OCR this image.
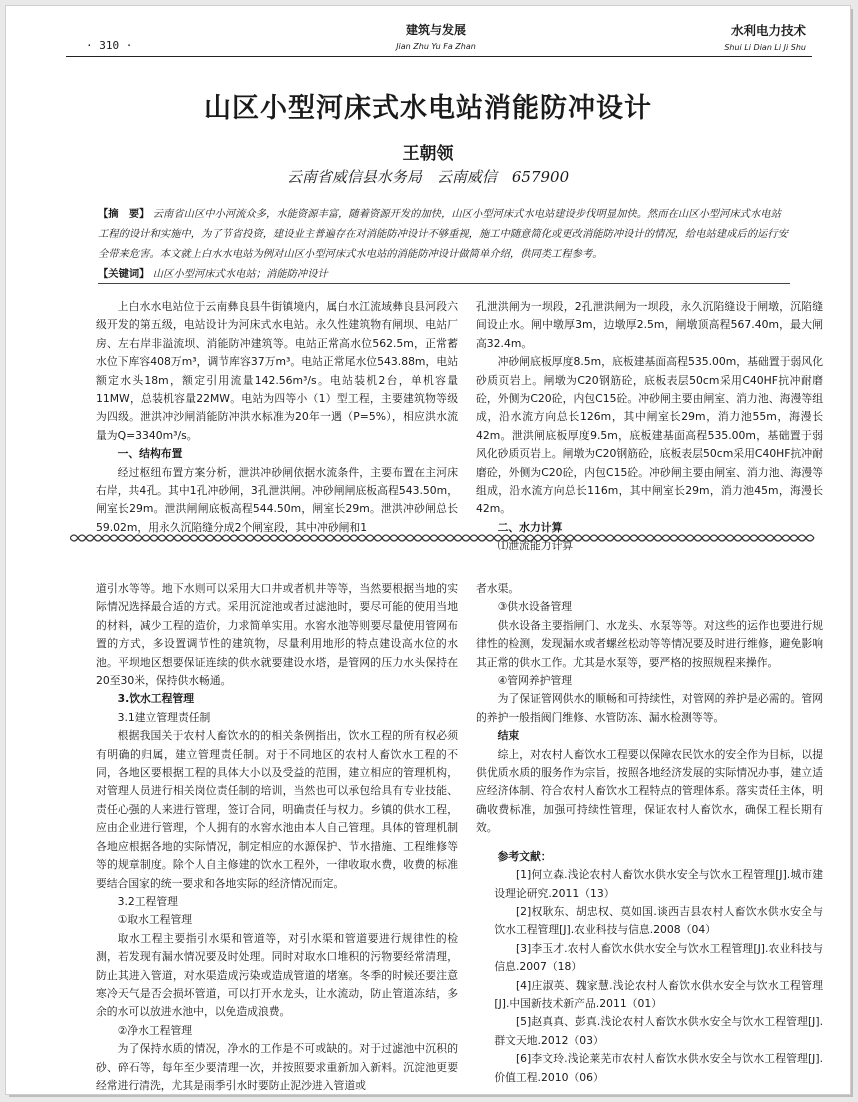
· 310 ·
建筑与发展
Jian Zhu Yu Fa Zhan
水利电力技术
Shui Li Dian Li Ji Shu
山区小型河床式水电站消能防冲设计
王朝领
云南省威信县水务局　云南威信　657900
【摘　要】 云南省山区中小河流众多，水能资源丰富，随着资源开发的加快，山区小型河床式水电站建设步伐明显加快。然而在山区小型河床式水电站工程的设计和实施中，为了节省投资，建设业主普遍存在对消能防冲设计不够重视，施工中随意简化或更改消能防冲设计的情况，给电站建成后的运行安全带来危害。本文就上白水水电站为例对山区小型河床式水电站的消能防冲设计做简单介绍，供同类工程参考。
【关键词】 山区小型河床式水电站；消能防冲设计

上白水水电站位于云南彝良县牛街镇境内，属白水江流域彝良县河段六级开发的第五级，电站设计为河床式水电站。永久性建筑物有闸坝、电站厂房、左右岸非溢流坝、消能防冲建筑等。电站正常高水位562.5m，正常蓄水位下库容408万m³，调节库容37万m³。电站正常尾水位543.88m，电站额定水头18m，额定引用流量142.56m³/s。电站装机2台，单机容量11MW，总装机容量22MW。电站为四等小（1）型工程，主要建筑物等级为四级。泄洪冲沙闸消能防冲洪水标准为20年一遇（P=5%），相应洪水流量为Q=3340m³/s。

一、结构布置

经过枢纽布置方案分析，泄洪冲砂闸依据水流条件，主要布置在主河床右岸，共4孔。其中1孔冲砂闸，3孔泄洪闸。冲砂闸闸底板高程543.50m，闸室长29m。泄洪闸闸底板高程544.50m，闸室长29m。泄洪冲砂闸总长59.02m，用永久沉陷缝分成2个闸室段，其中冲砂闸和1

孔泄洪闸为一坝段，2孔泄洪闸为一坝段，永久沉陷缝设于闸墩，沉陷缝间设止水。闸中墩厚3m，边墩厚2.5m，闸墩顶高程567.40m，最大闸高32.4m。

冲砂闸底板厚度8.5m，底板建基面高程535.00m，基础置于弱风化砂质页岩上。闸墩为C20钢筋砼，底板表层50cm采用C40HF抗冲耐磨砼，外侧为C20砼，内包C15砼。冲砂闸主要由闸室、消力池、海漫等组成，沿水流方向总长126m，其中闸室长29m，消力池55m，海漫长42m。泄洪闸底板厚度9.5m，底板建基面高程535.00m，基础置于弱风化砂质页岩上。闸墩为C20钢筋砼，底板表层50cm采用C40HF抗冲耐磨砼，外侧为C20砼，内包C15砼。冲砂闸主要由闸室、消力池、海漫等组成，沿水流方向总长116m，其中闸室长29m，消力池45m，海漫长42m。

二、水力计算

⑴泄流能力计算

道引水等等。地下水则可以采用大口井或者机井等等，当然要根据当地的实际情况选择最合适的方式。采用沉淀池或者过滤池时，要尽可能的使用当地的材料，减少工程的造价，力求简单实用。水窖水池等则要尽量使用管网布置的方式，多设置调节性的建筑物，尽量利用地形的特点建设高水位的水池。平坝地区想要保证连续的供水就要建设水塔，是管网的压力水头保持在20至30米，保持供水畅通。

3.饮水工程管理

3.1建立管理责任制

根据我国关于农村人畜饮水的的相关条例指出，饮水工程的所有权必须有明确的归属，建立管理责任制。对于不同地区的农村人畜饮水工程的不同，各地区要根据工程的具体大小以及受益的范围，建立相应的管理机构，对管理人员进行相关岗位责任制的培训，当然也可以承包给具有专业技能、责任心强的人来进行管理，签订合同，明确责任与权力。乡镇的供水工程，应由企业进行管理，个人拥有的水窖水池由本人自己管理。具体的管理机制各地应根据各地的实际情况，制定相应的水源保护、节水措施、工程维修等等的规章制度。除个人自主修建的饮水工程外，一律收取水费，收费的标准要结合国家的统一要求和各地实际的经济情况而定。

3.2工程管理

①取水工程管理

取水工程主要指引水渠和管道等，对引水渠和管道要进行规律性的检测，若发现有漏水情况要及时处理。同时对取水口堆积的污物要经常清理，防止其进入管道，对水渠造成污染或造成管道的堵塞。冬季的时候还要注意寒冷天气是否会损坏管道，可以打开水龙头，让水流动，防止管道冻结，多余的水可以放进水池中，以免造成浪费。

②净水工程管理

为了保持水质的情况，净水的工作是不可或缺的。对于过滤池中沉积的砂、碎石等，每年至少要清理一次，并按照要求重新加入新料。沉淀池更要经常进行清洗，尤其是雨季引水时要防止泥沙进入管道或

者水渠。

③供水设备管理

供水设备主要指闸门、水龙头、水泵等等。对这些的运作也要进行规律性的检测，发现漏水或者螺丝松动等等情况要及时进行维修，避免影响其正常的供水工作。尤其是水泵等，要严格的按照规程来操作。

④管网养护管理

为了保证管网供水的顺畅和可持续性，对管网的养护是必需的。管网的养护一般指阀门维修、水管防冻、漏水检测等等。

结束

综上，对农村人畜饮水工程要以保障农民饮水的安全作为目标，以提供优质水质的服务作为宗旨，按照各地经济发展的实际情况办事，建立适应经济体制、符合农村人畜饮水工程特点的管理体系。落实责任主体，明确收费标准，加强可持续性管理，保证农村人畜饮水，确保工程长期有效。

参考文献：

[1]何立森.浅论农村人畜饮水供水安全与饮水工程管理[J].城市建设理论研究.2011（13）

[2]权耿东、胡忠权、莫如国.谈西吉县农村人畜饮水供水安全与饮水工程管理[J].农业科技与信息.2008（04）

[3]李玉才.农村人畜饮水供水安全与饮水工程管理[J].农业科技与信息.2007（18）

[4]庄淑英、魏家慧.浅论农村人畜饮水供水安全与饮水工程管理[J].中国新技术新产品.2011（01）

[5]赵真真、彭真.浅论农村人畜饮水供水安全与饮水工程管理[J].群文天地.2012（03）

[6]李文玲.浅论莱芜市农村人畜饮水供水安全与饮水工程管理[J].价值工程.2010（06）
